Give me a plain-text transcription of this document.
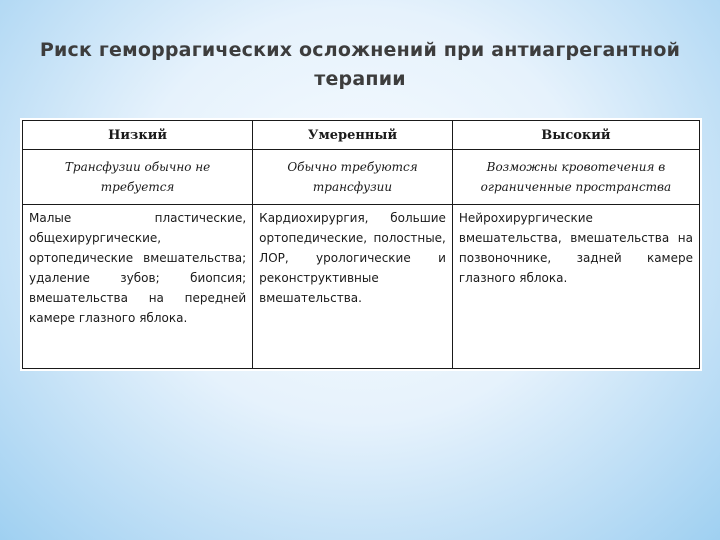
Риск геморрагических осложнений при антиагрегантной терапии
Низкий	Умеренный	Высокий
Трансфузии обычно не требуется	Обычно требуются трансфузии	Возможны кровотечения в ограниченные пространства
Малые пластические, общехирургические, ортопедические вмешательства; удаление зубов; биопсия; вмешательства на передней камере глазного яблока.	Кардиохирургия, большие ортопедические, полостные, ЛОР, урологические и реконструктивные вмешательства.	Нейрохирургические вмешательства, вмешательства на позвоночнике, задней камере глазного яблока.
